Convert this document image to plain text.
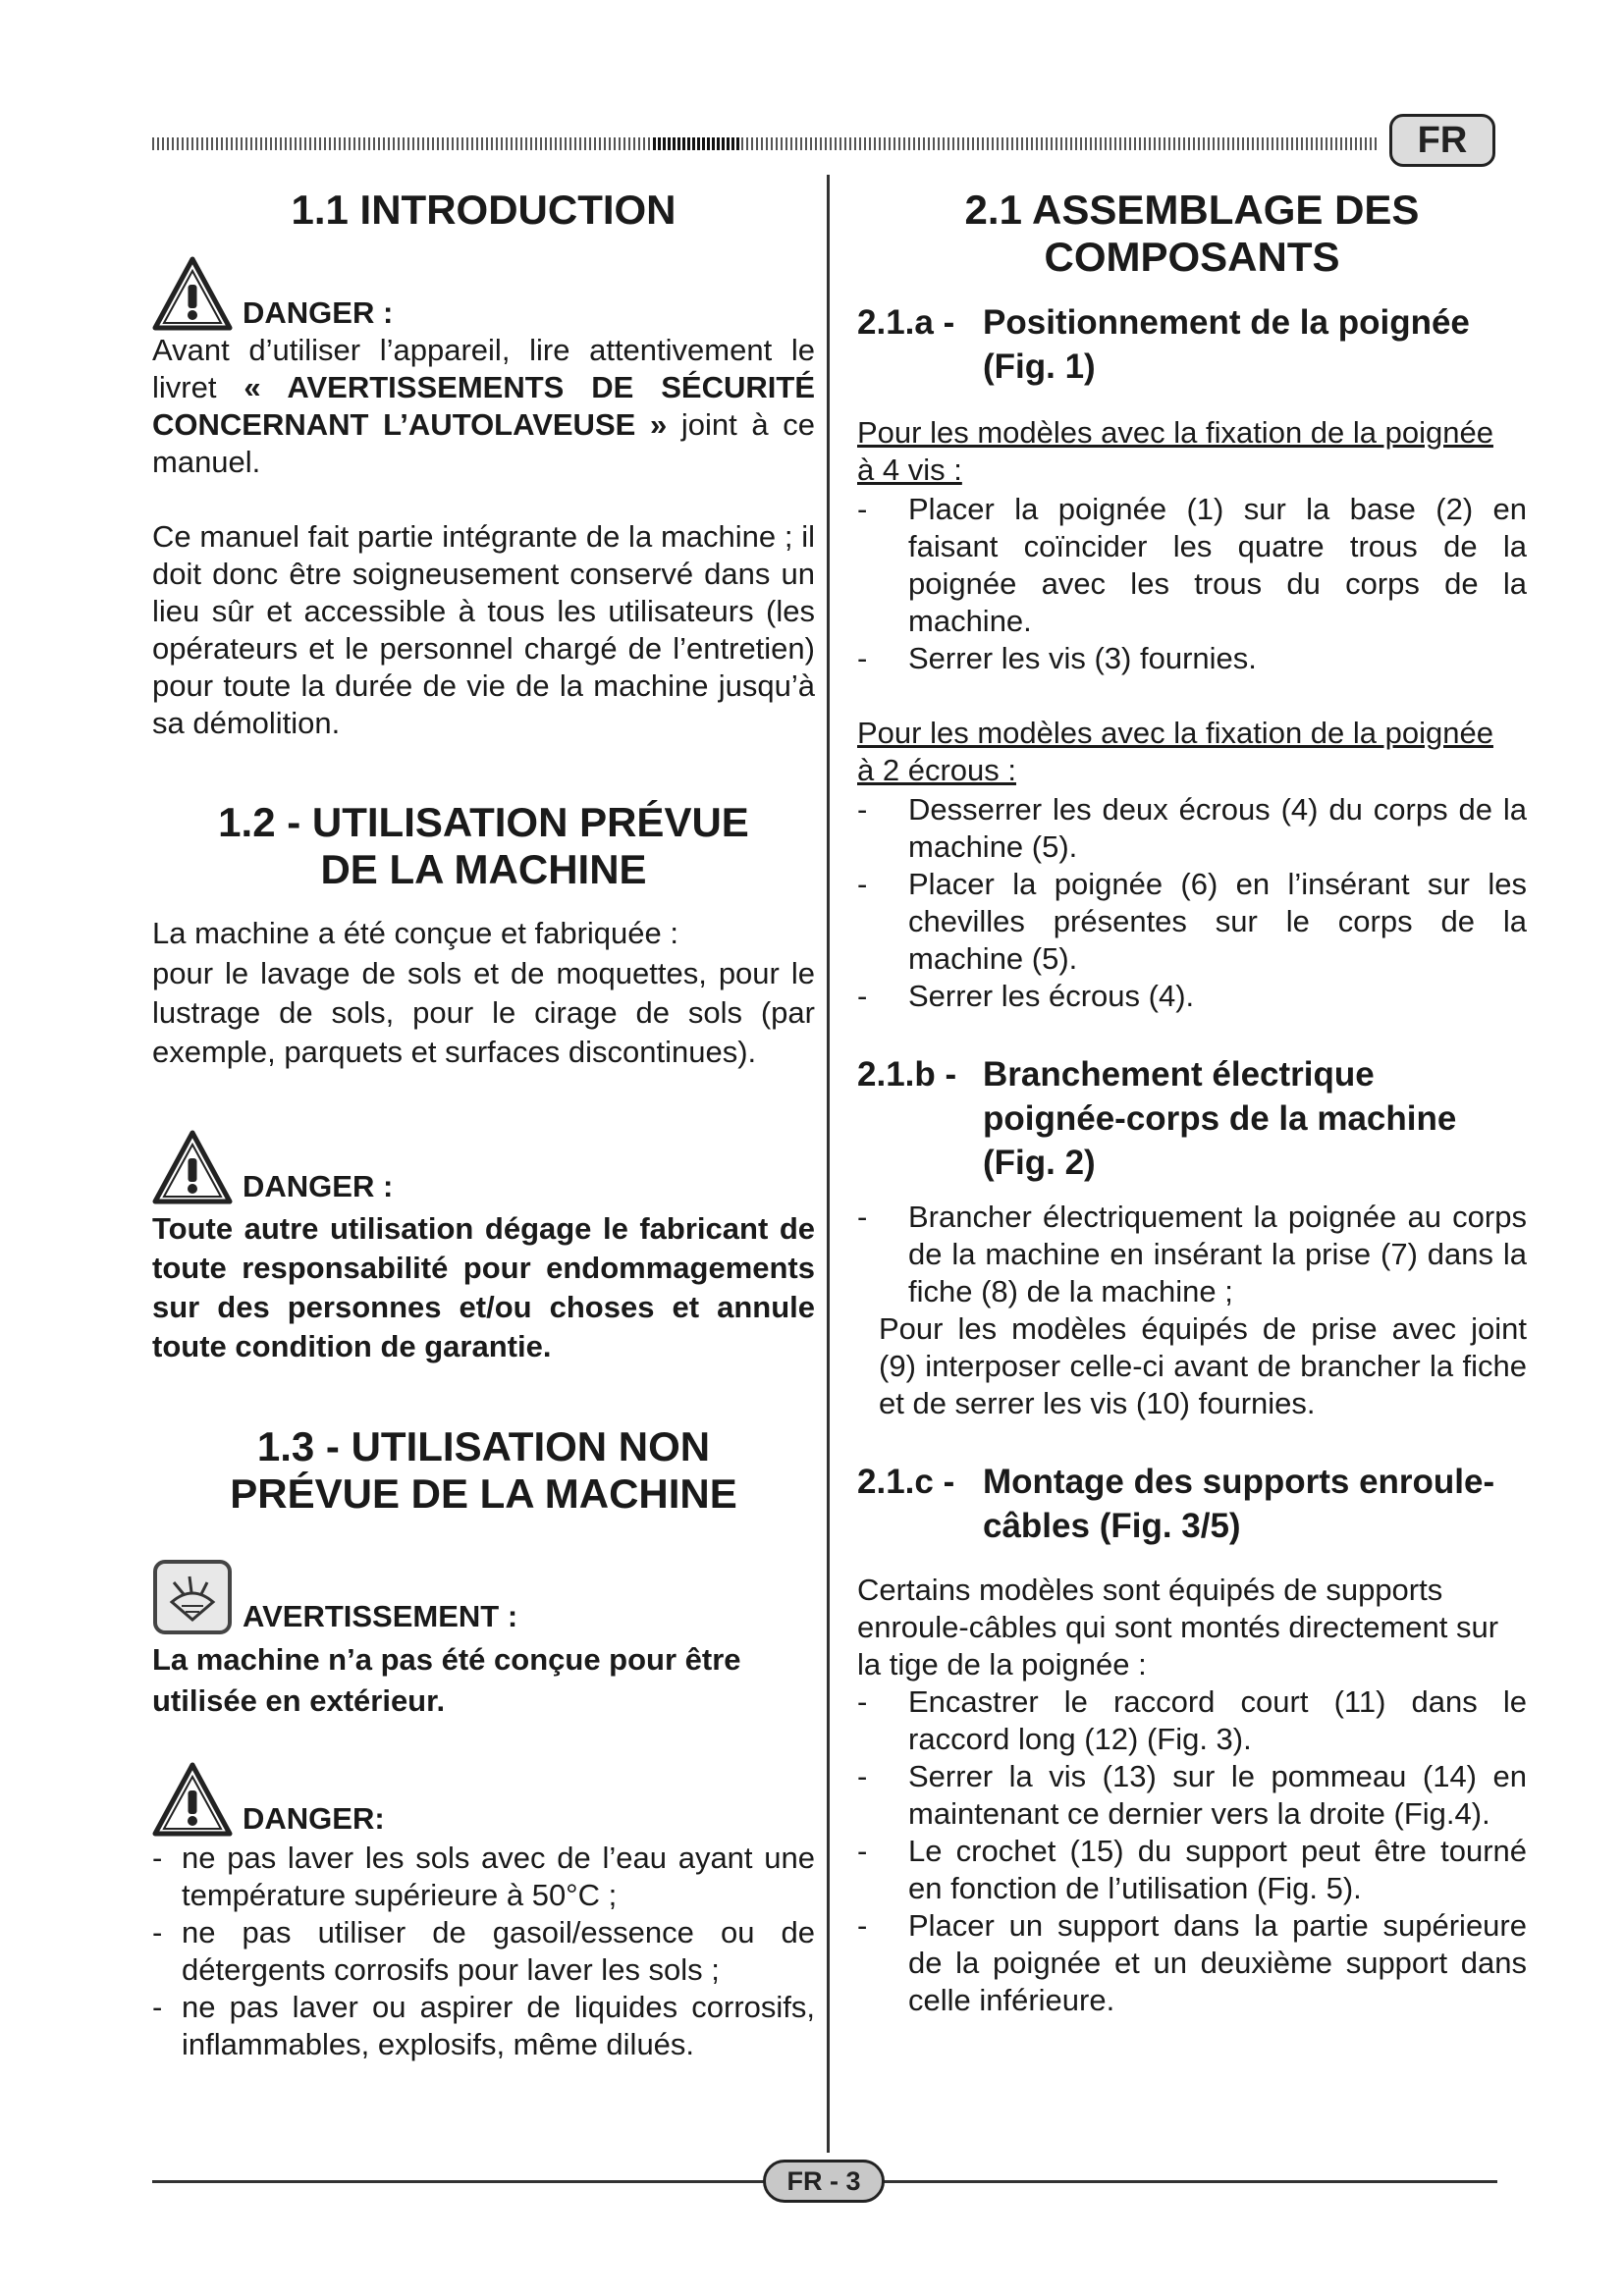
FR
1.1 INTRODUCTION
DANGER :

Avant d’utiliser l’appareil, lire attentivement le livret « AVERTISSEMENTS DE SÉCURITÉ CONCERNANT L’AUTOLAVEUSE » joint à ce manuel.

Ce manuel fait partie intégrante de la machine ; il doit donc être soigneusement conservé dans un lieu sûr et accessible à tous les utilisateurs (les opérateurs et le personnel chargé de l’entretien) pour toute la durée de vie de la machine jusqu’à sa démolition.

1.2 - UTILISATION PRÉVUE
DE LA MACHINE

La machine a été conçue et fabriquée :

pour le lavage de sols et de moquettes, pour le lustrage de sols, pour le cirage de sols (par exemple, parquets et surfaces discontinues).

DANGER :

Toute autre utilisation dégage le fabricant de toute responsabilité pour endommagements sur des personnes et/ou choses et annule toute condition de garantie.

1.3 - UTILISATION NON
PRÉVUE DE LA MACHINE
AVERTISSEMENT :

La machine n’a pas été conçue pour être utilisée en extérieur.

DANGER:
- ne pas laver les sols avec de l’eau ayant une température supérieure à 50°C ;
- ne pas utiliser de gasoil/essence ou de détergents corrosifs pour laver les sols ;
- ne pas laver ou aspirer de liquides corrosifs, inflammables, explosifs, même dilués.
2.1 ASSEMBLAGE DES
COMPOSANTS
2.1.a - Positionnement de la poignée (Fig. 1)

Pour les modèles avec la fixation de la poignée à 4 vis :

- Placer la poignée (1) sur la base (2) en faisant coïncider les quatre trous de la poignée avec les trous du corps de la machine.
- Serrer les vis (3) fournies.

Pour les modèles avec la fixation de la poignée à 2 écrous :

- Desserrer les deux écrous (4) du corps de la machine (5).
- Placer la poignée (6) en l’insérant sur les chevilles présentes sur le corps de la machine (5).
- Serrer les écrous (4).
2.1.b - Branchement électrique poignée-corps de la machine (Fig. 2)
- Brancher électriquement la poignée au corps de la machine en insérant la prise (7) dans la fiche (8) de la machine ;

Pour les modèles équipés de prise avec joint (9) interposer celle-ci avant de brancher la fiche et de serrer les vis (10) fournies.

2.1.c - Montage des supports enroule-câbles (Fig. 3/5)

Certains modèles sont équipés de supports enroule-câbles qui sont montés directement sur la tige de la poignée :

- Encastrer le raccord court (11) dans le raccord long (12) (Fig. 3).
- Serrer la vis (13) sur le pommeau (14) en maintenant ce dernier vers la droite (Fig.4).
- Le crochet (15) du support peut être tourné en fonction de l’utilisation (Fig. 5).
- Placer un support dans la partie supérieure de la poignée et un deuxième support dans celle inférieure.
FR - 3
